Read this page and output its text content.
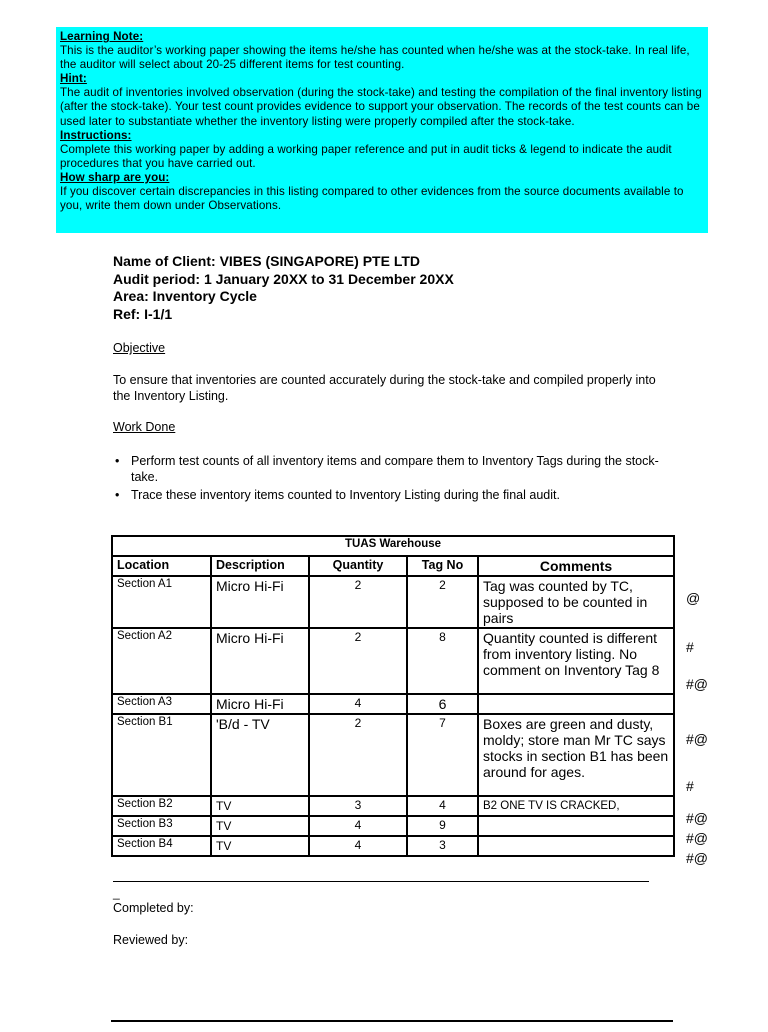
Learning Note:
This is the auditor’s working paper showing the items he/she has counted when he/she was at the stock-take. In real life, the auditor will select about 20-25 different items for test counting.
Hint:
The audit of inventories involved observation (during the stock-take) and testing the compilation of the final inventory listing (after the stock-take). Your test count provides evidence to support your observation. The records of the test counts can be used later to substantiate whether the inventory listing were properly compiled after the stock-take.
Instructions:
Complete this working paper by adding a working paper reference and put in audit ticks & legend to indicate the audit procedures that you have carried out.
How sharp are you:
If you discover certain discrepancies in this listing compared to other evidences from the source documents available to you, write them down under Observations.
Name of Client: VIBES (SINGAPORE) PTE LTD
Audit period: 1 January 20XX to 31 December 20XX
Area: Inventory Cycle
Ref: I-1/1
Objective
To ensure that inventories are counted accurately during the stock-take and compiled properly into the Inventory Listing.
Work Done
• Perform test counts of all inventory items and compare them to Inventory Tags during the stock-take.
• Trace these inventory items counted to Inventory Listing during the final audit.
TUAS Warehouse				
Location	Description	Quantity	Tag No	Comments
Section A1	Micro Hi-Fi	2	2	Tag was counted by TC, supposed to be counted in pairs
Section A2	Micro Hi-Fi	2	8	Quantity counted is different from inventory listing. No comment on Inventory Tag 8
Section A3	Micro Hi-Fi	4	6	
Section B1	'B/d - TV	2	7	Boxes are green and dusty, moldy; store man Mr TC says stocks in section B1 has been around for ages.
Section B2	TV	3	4	B2 ONE TV IS CRACKED,
Section B3	TV	4	9	
Section B4	TV	4	3	
@
#
#@
#@
#
#@
#@
#@
_
Completed by:
Reviewed by:
